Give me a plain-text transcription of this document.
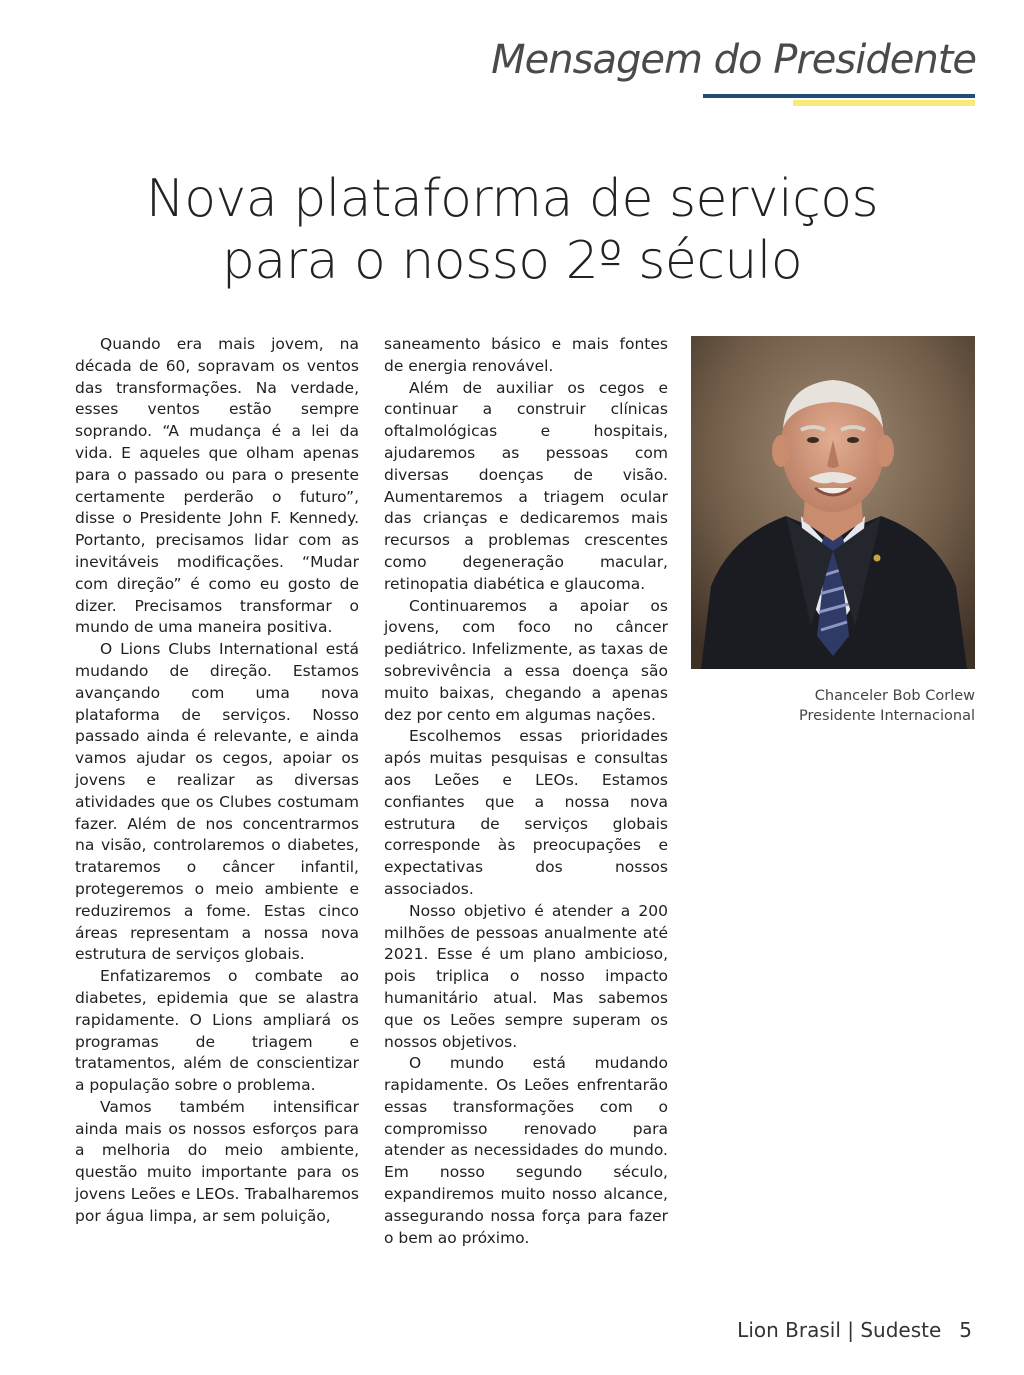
Mensagem do Presidente
Nova plataforma de serviços
para o nosso 2º século

Quando era mais jovem, na década de 60, sopravam os ventos das transformações. Na verdade, esses ventos estão sempre soprando. “A mudança é a lei da vida. E aqueles que olham apenas para o passado ou para o presente certamente perderão o futuro”, disse o Presidente John F. Kennedy. Portanto, precisamos lidar com as inevitáveis modificações. “Mudar com direção” é como eu gosto de dizer. Precisamos transformar o mundo de uma maneira positiva.

O Lions Clubs International está mudando de direção. Estamos avançando com uma nova plataforma de serviços. Nosso passado ainda é relevante, e ainda vamos ajudar os cegos, apoiar os jovens e realizar as diversas atividades que os Clubes costumam fazer. Além de nos concentrarmos na visão, controlaremos o diabetes, trataremos o câncer infantil, protegeremos o meio ambiente e reduziremos a fome. Estas cinco áreas representam a nossa nova estrutura de serviços globais.

Enfatizaremos o combate ao diabetes, epidemia que se alastra rapidamente. O Lions ampliará os programas de triagem e tratamentos, além de conscientizar a população sobre o problema.

Vamos também intensificar ainda mais os nossos esforços para a melhoria do meio ambiente, questão muito importante para os jovens Leões e LEOs. Trabalharemos por água limpa, ar sem poluição,

saneamento básico e mais fontes de energia renovável.

Além de auxiliar os cegos e continuar a construir clínicas oftalmológicas e hospitais, ajudaremos as pessoas com diversas doenças de visão. Aumentaremos a triagem ocular das crianças e dedicaremos mais recursos a problemas crescentes como degeneração macular, retinopatia diabética e glaucoma.

Continuaremos a apoiar os jovens, com foco no câncer pediátrico. Infelizmente, as taxas de sobrevivência a essa doença são muito baixas, chegando a apenas dez por cento em algumas nações.

Escolhemos essas prioridades após muitas pesquisas e consultas aos Leões e LEOs. Estamos confiantes que a nossa nova estrutura de serviços globais corresponde às preocupações e expectativas dos nossos associados.

Nosso objetivo é atender a 200 milhões de pessoas anualmente até 2021. Esse é um plano ambicioso, pois triplica o nosso impacto humanitário atual. Mas sabemos que os Leões sempre superam os nossos objetivos.

O mundo está mudando rapidamente. Os Leões enfrentarão essas transformações com o compromisso renovado para atender as necessidades do mundo. Em nosso segundo século, expandiremos muito nosso alcance, assegurando nossa força para fazer o bem ao próximo.

Chanceler Bob Corlew
Presidente Internacional
Lion Brasil | Sudeste 5
